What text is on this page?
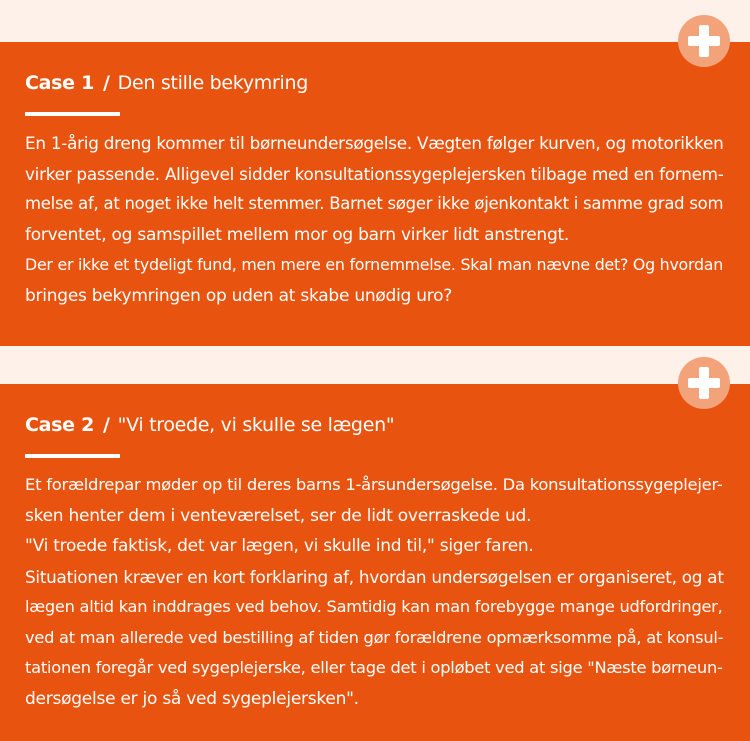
Case 1 / Den stille bekymring

En 1-årig dreng kommer til børneundersøgelse. Vægten følger kurven, og motorikken

virker passende. Alligevel sidder konsultationssygeplejersken tilbage med en fornem-

melse af, at noget ikke helt stemmer. Barnet søger ikke øjenkontakt i samme grad som

forventet, og samspillet mellem mor og barn virker lidt anstrengt.

Der er ikke et tydeligt fund, men mere en fornemmelse. Skal man nævne det? Og hvordan

bringes bekymringen op uden at skabe unødig uro?

Case 2 / "Vi troede, vi skulle se lægen"

Et forældrepar møder op til deres barns 1-årsundersøgelse. Da konsultationssygeplejer-

sken henter dem i venteværelset, ser de lidt overraskede ud.

"Vi troede faktisk, det var lægen, vi skulle ind til," siger faren.

Situationen kræver en kort forklaring af, hvordan undersøgelsen er organiseret, og at

lægen altid kan inddrages ved behov. Samtidig kan man forebygge mange udfordringer,

ved at man allerede ved bestilling af tiden gør forældrene opmærksomme på, at konsul-

tationen foregår ved sygeplejerske, eller tage det i opløbet ved at sige "Næste børneun-

dersøgelse er jo så ved sygeplejersken".
